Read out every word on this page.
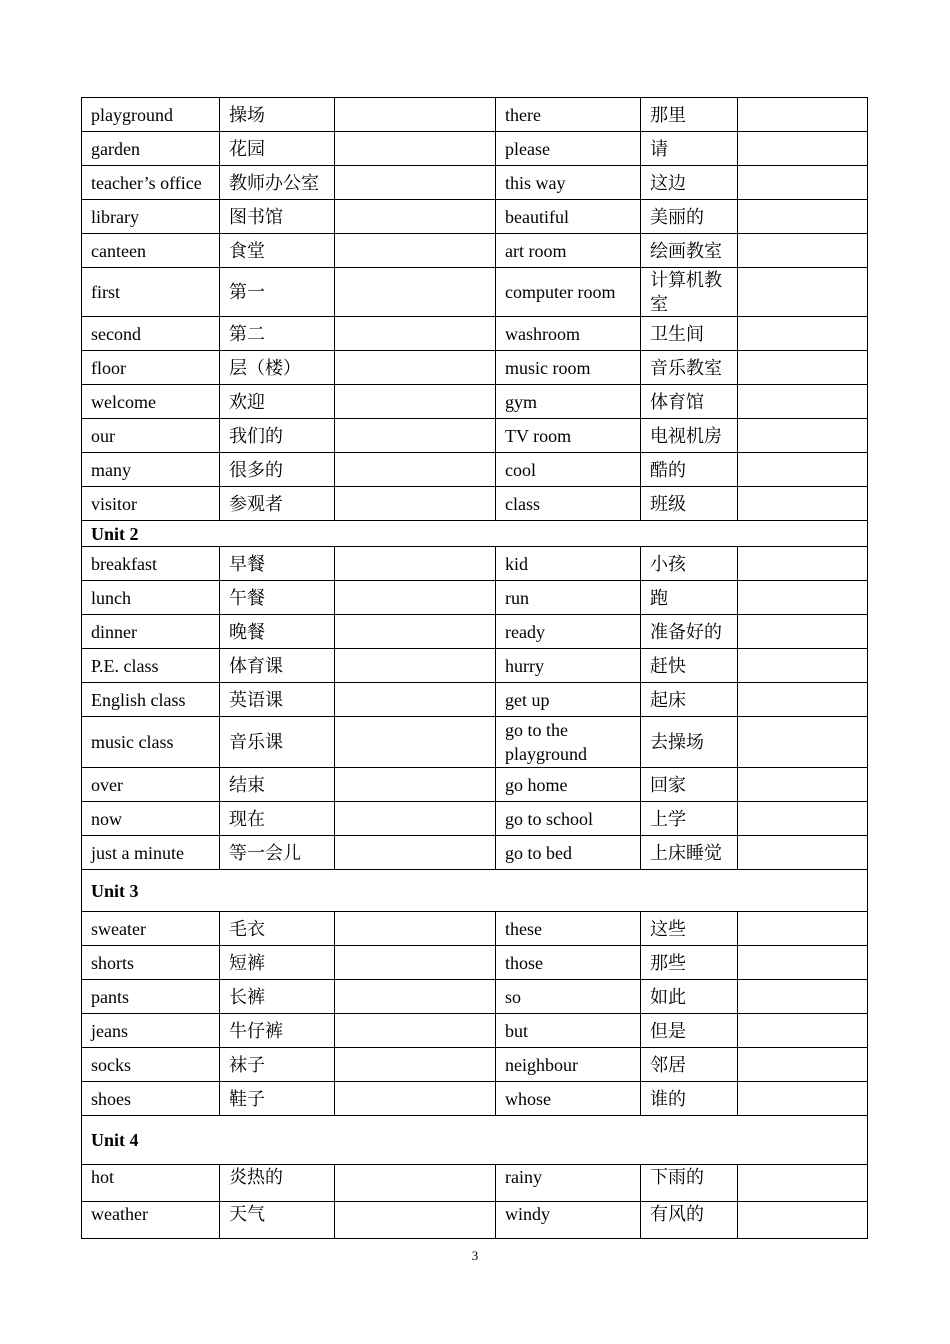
playground	操场		there	那里	
garden	花园		please	请	
teacher’s office	教师办公室		this way	这边	
library	图书馆		beautiful	美丽的	
canteen	食堂		art room	绘画教室	
first	第一		computer room	计算机教室	
second	第二		washroom	卫生间	
floor	层（楼）		music room	音乐教室	
welcome	欢迎		gym	体育馆	
our	我们的		TV room	电视机房	
many	很多的		cool	酷的	
visitor	参观者		class	班级	
Unit 2					
breakfast	早餐		kid	小孩	
lunch	午餐		run	跑	
dinner	晚餐		ready	准备好的	
P.E. class	体育课		hurry	赶快	
English class	英语课		get up	起床	
music class	音乐课		go to the playground	去操场	
over	结束		go home	回家	
now	现在		go to school	上学	
just a minute	等一会儿		go to bed	上床睡觉	
Unit 3					
sweater	毛衣		these	这些	
shorts	短裤		those	那些	
pants	长裤		so	如此	
jeans	牛仔裤		but	但是	
socks	袜子		neighbour	邻居	
shoes	鞋子		whose	谁的	
Unit 4					
hot	炎热的		rainy	下雨的	
weather	天气		windy	有风的	
3
